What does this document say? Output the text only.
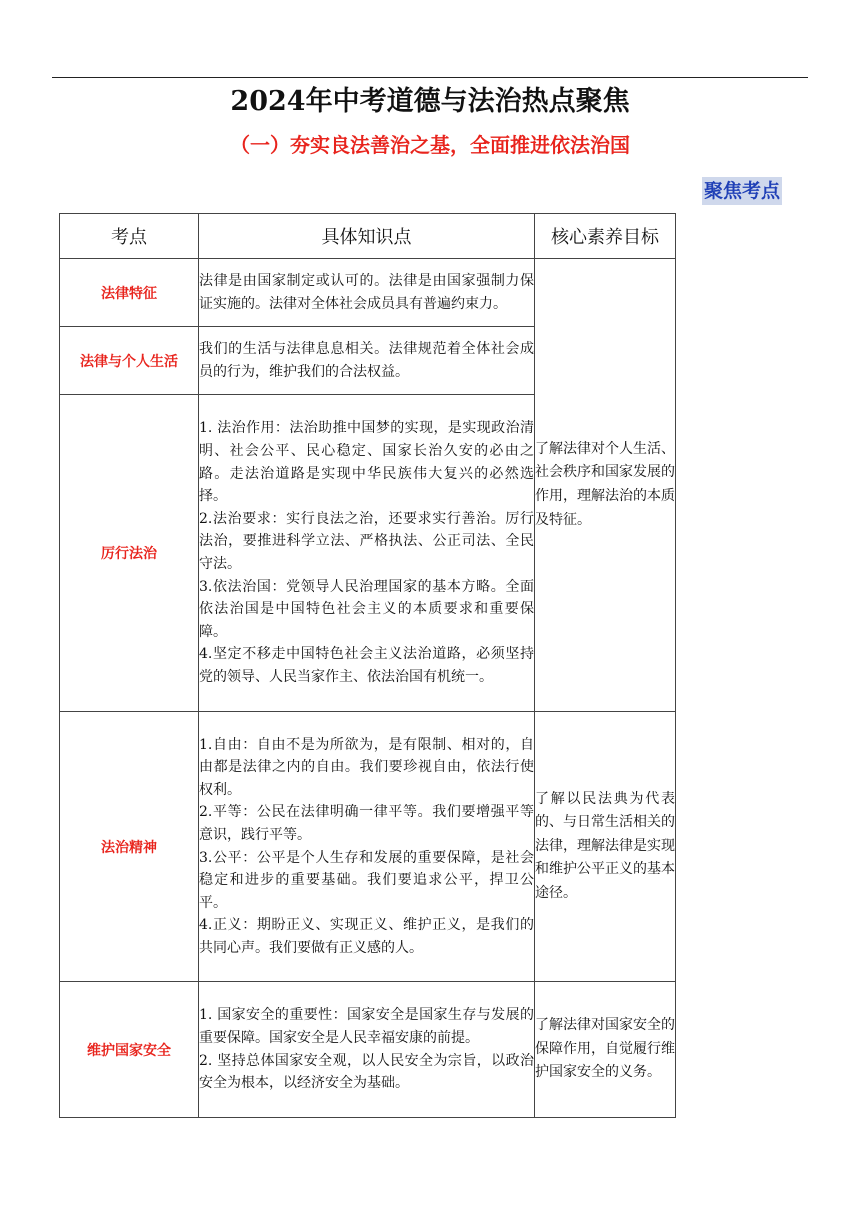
2024年中考道德与法治热点聚焦
（一）夯实良法善治之基，全面推进依法治国
聚焦考点
考点	具体知识点	核心素养目标
法律特征	法律是由国家制定或认可的。法律是由国家强制力保证实施的。法律对全体社会成员具有普遍约束力。	了解法律对个人生活、社会秩序和国家发展的作用，理解法治的本质及特征。
法律与个人生活	我们的生活与法律息息相关。法律规范着全体社会成员的行为，维护我们的合法权益。	
厉行法治	1. 法治作用：法治助推中国梦的实现，是实现政治清明、社会公平、民心稳定、国家长治久安的必由之路。走法治道路是实现中华民族伟大复兴的必然选择。
2.法治要求：实行良法之治，还要求实行善治。厉行法治，要推进科学立法、严格执法、公正司法、全民守法。
3.依法治国：党领导人民治理国家的基本方略。全面依法治国是中国特色社会主义的本质要求和重要保障。
4.坚定不移走中国特色社会主义法治道路，必须坚持党的领导、人民当家作主、依法治国有机统一。	

法治精神	1.自由：自由不是为所欲为，是有限制、相对的，自由都是法律之内的自由。我们要珍视自由，依法行使权利。
2.平等：公民在法律明确一律平等。我们要增强平等意识，践行平等。
3.公平：公平是个人生存和发展的重要保障，是社会稳定和进步的重要基础。我们要追求公平，捍卫公平。
4.正义：期盼正义、实现正义、维护正义，是我们的共同心声。我们要做有正义感的人。	了解以民法典为代表的、与日常生活相关的法律，理解法律是实现和维护公平正义的基本途径。
维护国家安全	1. 国家安全的重要性：国家安全是国家生存与发展的重要保障。国家安全是人民幸福安康的前提。
2. 坚持总体国家安全观，以人民安全为宗旨，以政治安全为根本，以经济安全为基础。	了解法律对国家安全的保障作用，自觉履行维护国家安全的义务。
